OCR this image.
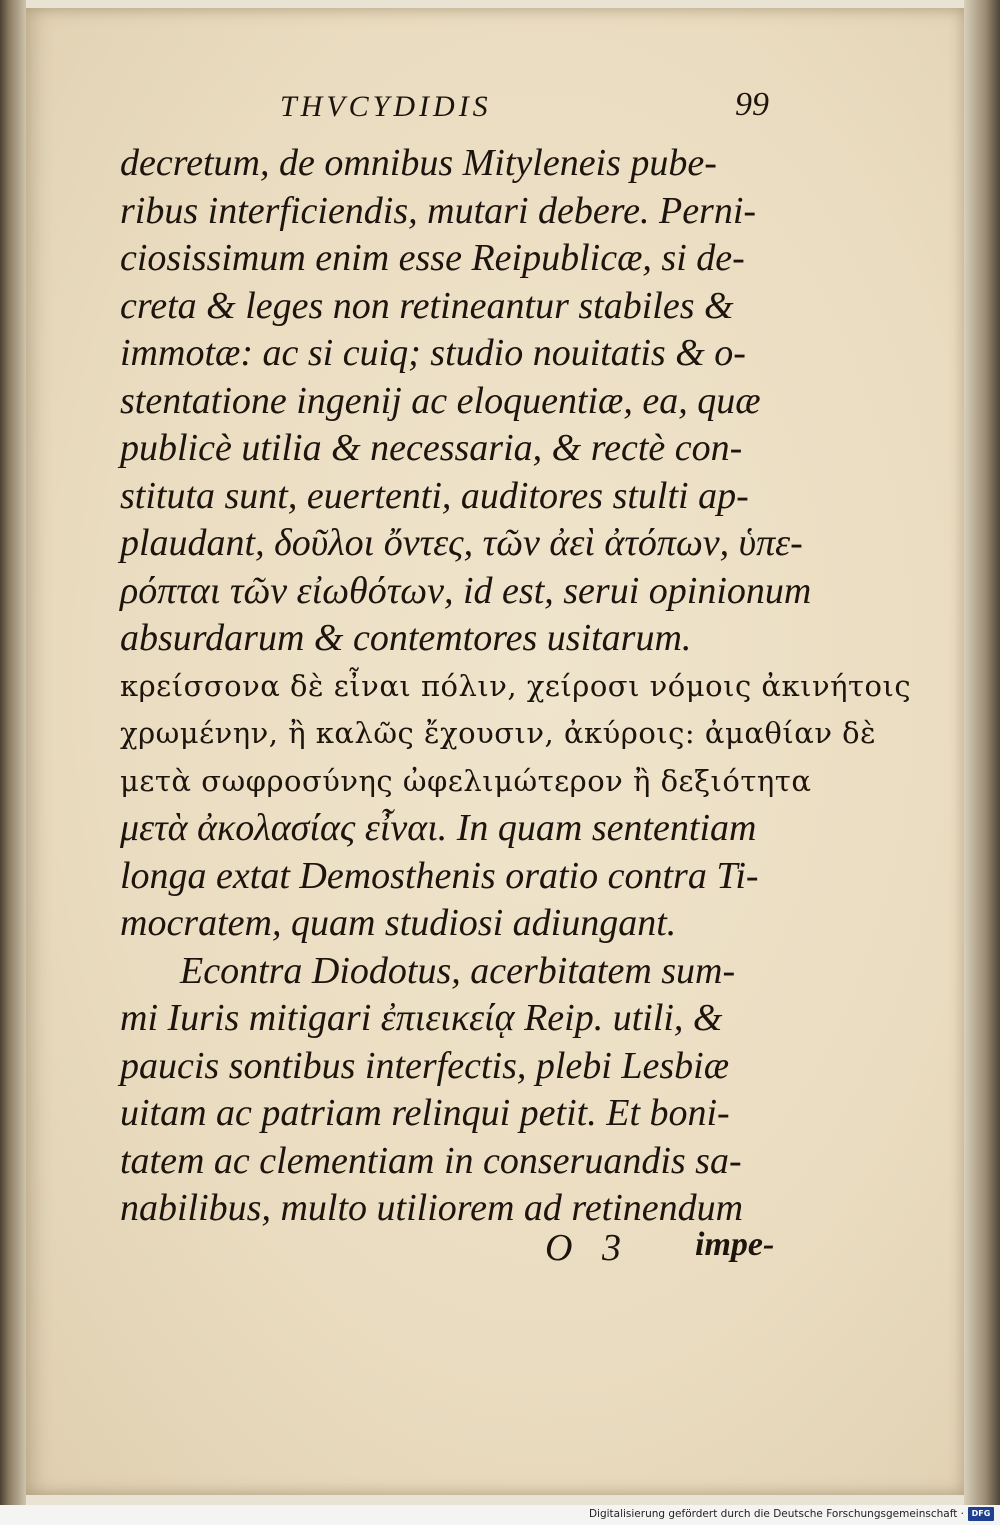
THVCYDIDIS	99
decretum, de omnibus Mityleneis pube-
ribus interficiendis, mutari debere. Perni-
ciosissimum enim esse Reipublicæ, si de-
creta & leges non retineantur stabiles &
immotæ: ac si cuiq; studio nouitatis & o-
stentatione ingenij ac eloquentiæ, ea, quæ
publicè utilia & necessaria, & rectè con-
stituta sunt, euertenti, auditores stulti ap-
plaudant, δοῦλοι ὄντες, τῶν ἀεὶ ἀτόπων, ὑπε-
ρόπται τῶν εἰωθότων, id est, serui opinionum
absurdarum & contemtores usitarum.
κρείσσονα δὲ εἶναι πόλιν, χείροσι νόμοις ἀκινήτοις
χρωμένην, ἢ καλῶς ἔχουσιν, ἀκύροις: ἀμαθίαν δὲ
μετὰ σωφροσύνης ὠφελιμώτερον ἢ δεξιότητα
μετὰ ἀκολασίας εἶναι. In quam sententiam
longa extat Demosthenis oratio contra Ti-
mocratem, quam studiosi adiungant.
Econtra Diodotus, acerbitatem sum-
mi Iuris mitigari ἐπιεικείᾳ Reip. utili, &
paucis sontibus interfectis, plebi Lesbiæ
uitam ac patriam relinqui petit. Et boni-
tatem ac clementiam in conseruandis sa-
nabilibus, multo utiliorem ad retinendum
O 3 impe-
Digitalisierung gefördert durch die Deutsche Forschungsgemeinschaft · DFG
